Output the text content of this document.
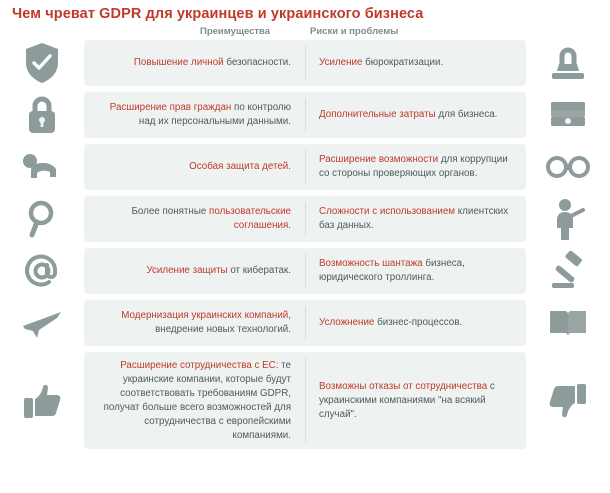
Чем чреват GDPR для украинцев и украинского бизнеса
Преимущества	Риски и проблемы
Повышение личной безопасности.	Усиление бюрократизации.
Расширение прав граждан по контролю над их персональными данными.
Дополнительные затраты для бизнеса.
Особая защита детей.
Расширение возможности для коррупции со стороны проверяющих органов.
Более понятные пользовательские соглашения.
Сложности с использованием клиентских баз данных.
Усиление защиты от кибератак.
Возможность шантажа бизнеса, юридического троллинга.
Модернизация украинских компаний, внедрение новых технологий.
Усложнение бизнес-процессов.
Расширение сотрудничества с ЕС: те украинские компании, которые будут соответствовать требованиям GDPR, получат больше всего возможностей для сотрудничества с европейскими компаниями.
Возможны отказы от сотрудничества с украинскими компаниями "на всякий случай".
